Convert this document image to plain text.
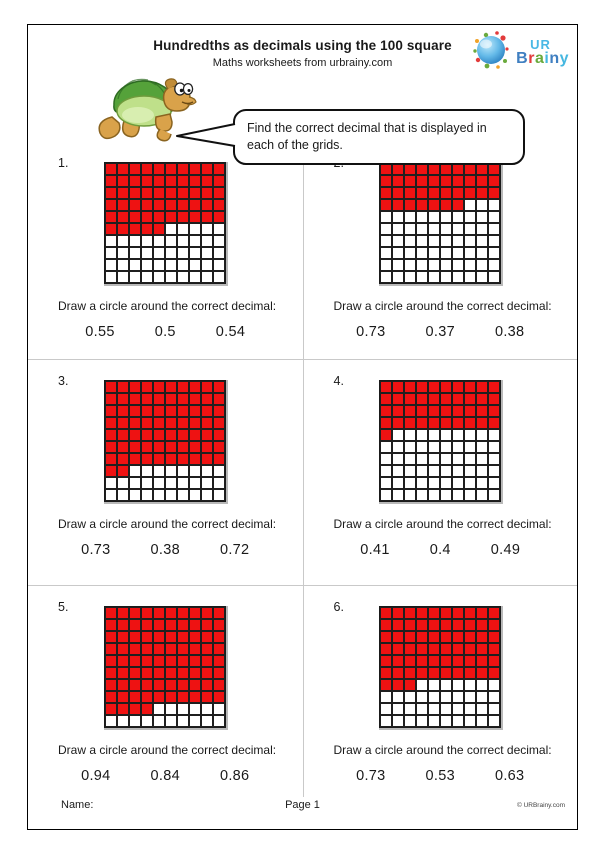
Hundredths as decimals using the 100 square
Maths worksheets from urbrainy.com
UR
Brainy
Find the correct decimal that is displayed in each of the grids.
1.
Draw a circle around the correct decimal:
0.55	0.5	0.54
Draw a circle around the correct decimal:
0.73	0.37	0.38
3.
Draw a circle around the correct decimal:
0.73	0.38	0.72
4.
Draw a circle around the correct decimal:
0.41	0.4	0.49
5.
Draw a circle around the correct decimal:
0.94	0.84	0.86
6.
Draw a circle around the correct decimal:
0.73	0.53	0.63
Name:	Page 1	© URBrainy.com
